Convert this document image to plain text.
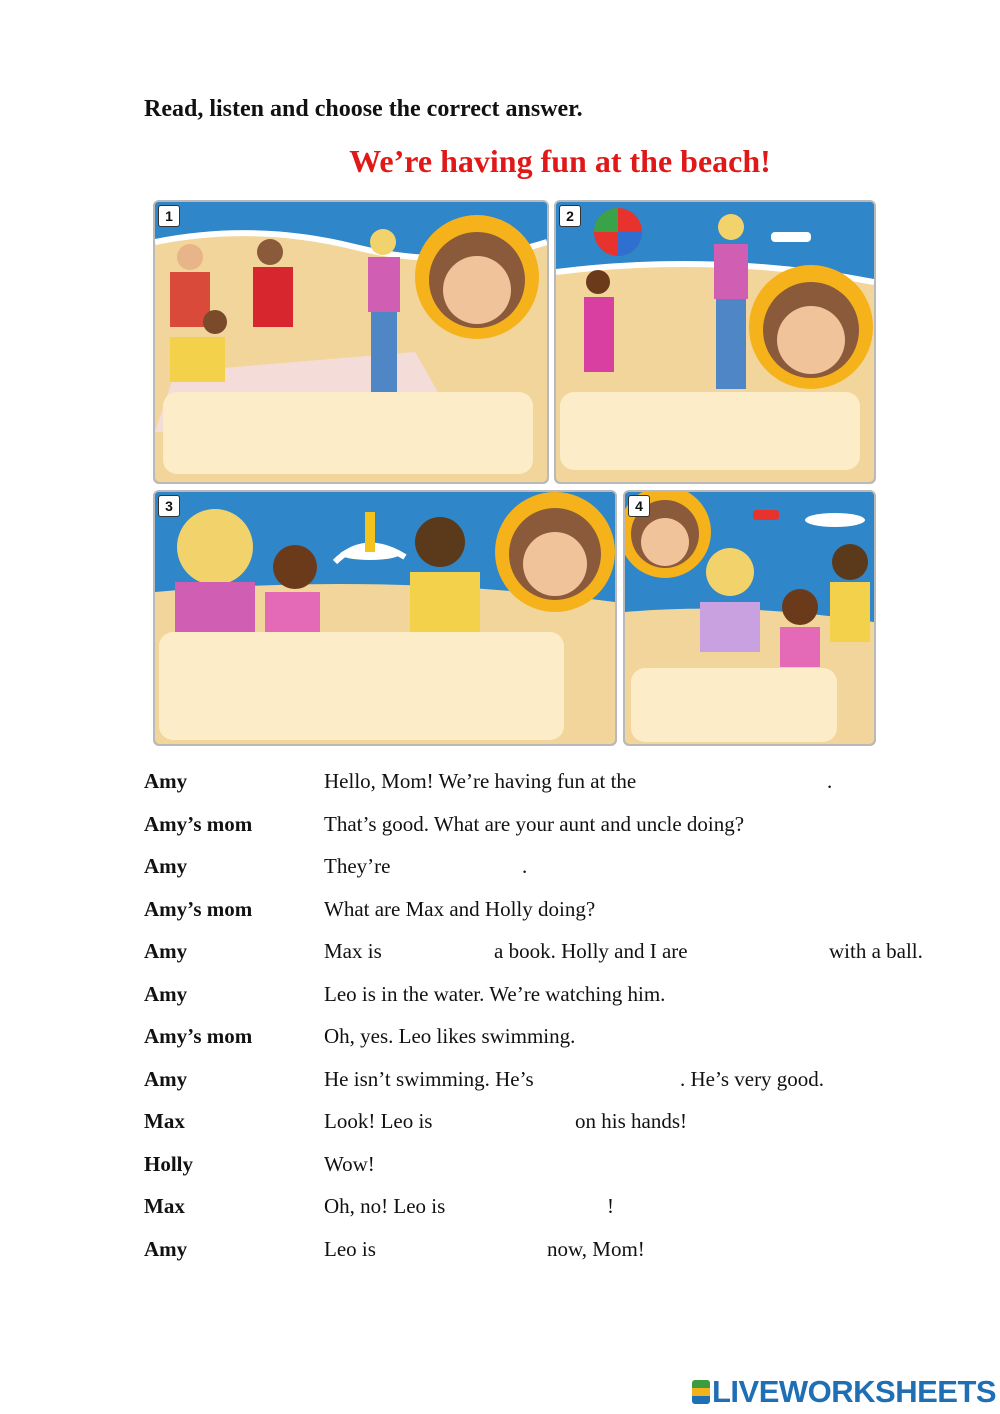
Read, listen and choose the correct answer.
We’re having fun at the beach!
1	2
3	4
Amy	Hello, Mom! We’re having fun at the	.
Amy’s mom	That’s good. What are your aunt and uncle doing?
Amy	They’re	.
Amy’s mom	What are Max and Holly doing?
Amy	Max is	a book. Holly and I are	with a ball.
Amy	Leo is in the water. We’re watching him.
Amy’s mom	Oh, yes. Leo likes swimming.
Amy	He isn’t swimming. He’s	. He’s very good.
Max	Look! Leo is	on his hands!
Holly	Wow!
Max	Oh, no! Leo is	!
Amy	Leo is	now, Mom!
LIVEWORKSHEETS
